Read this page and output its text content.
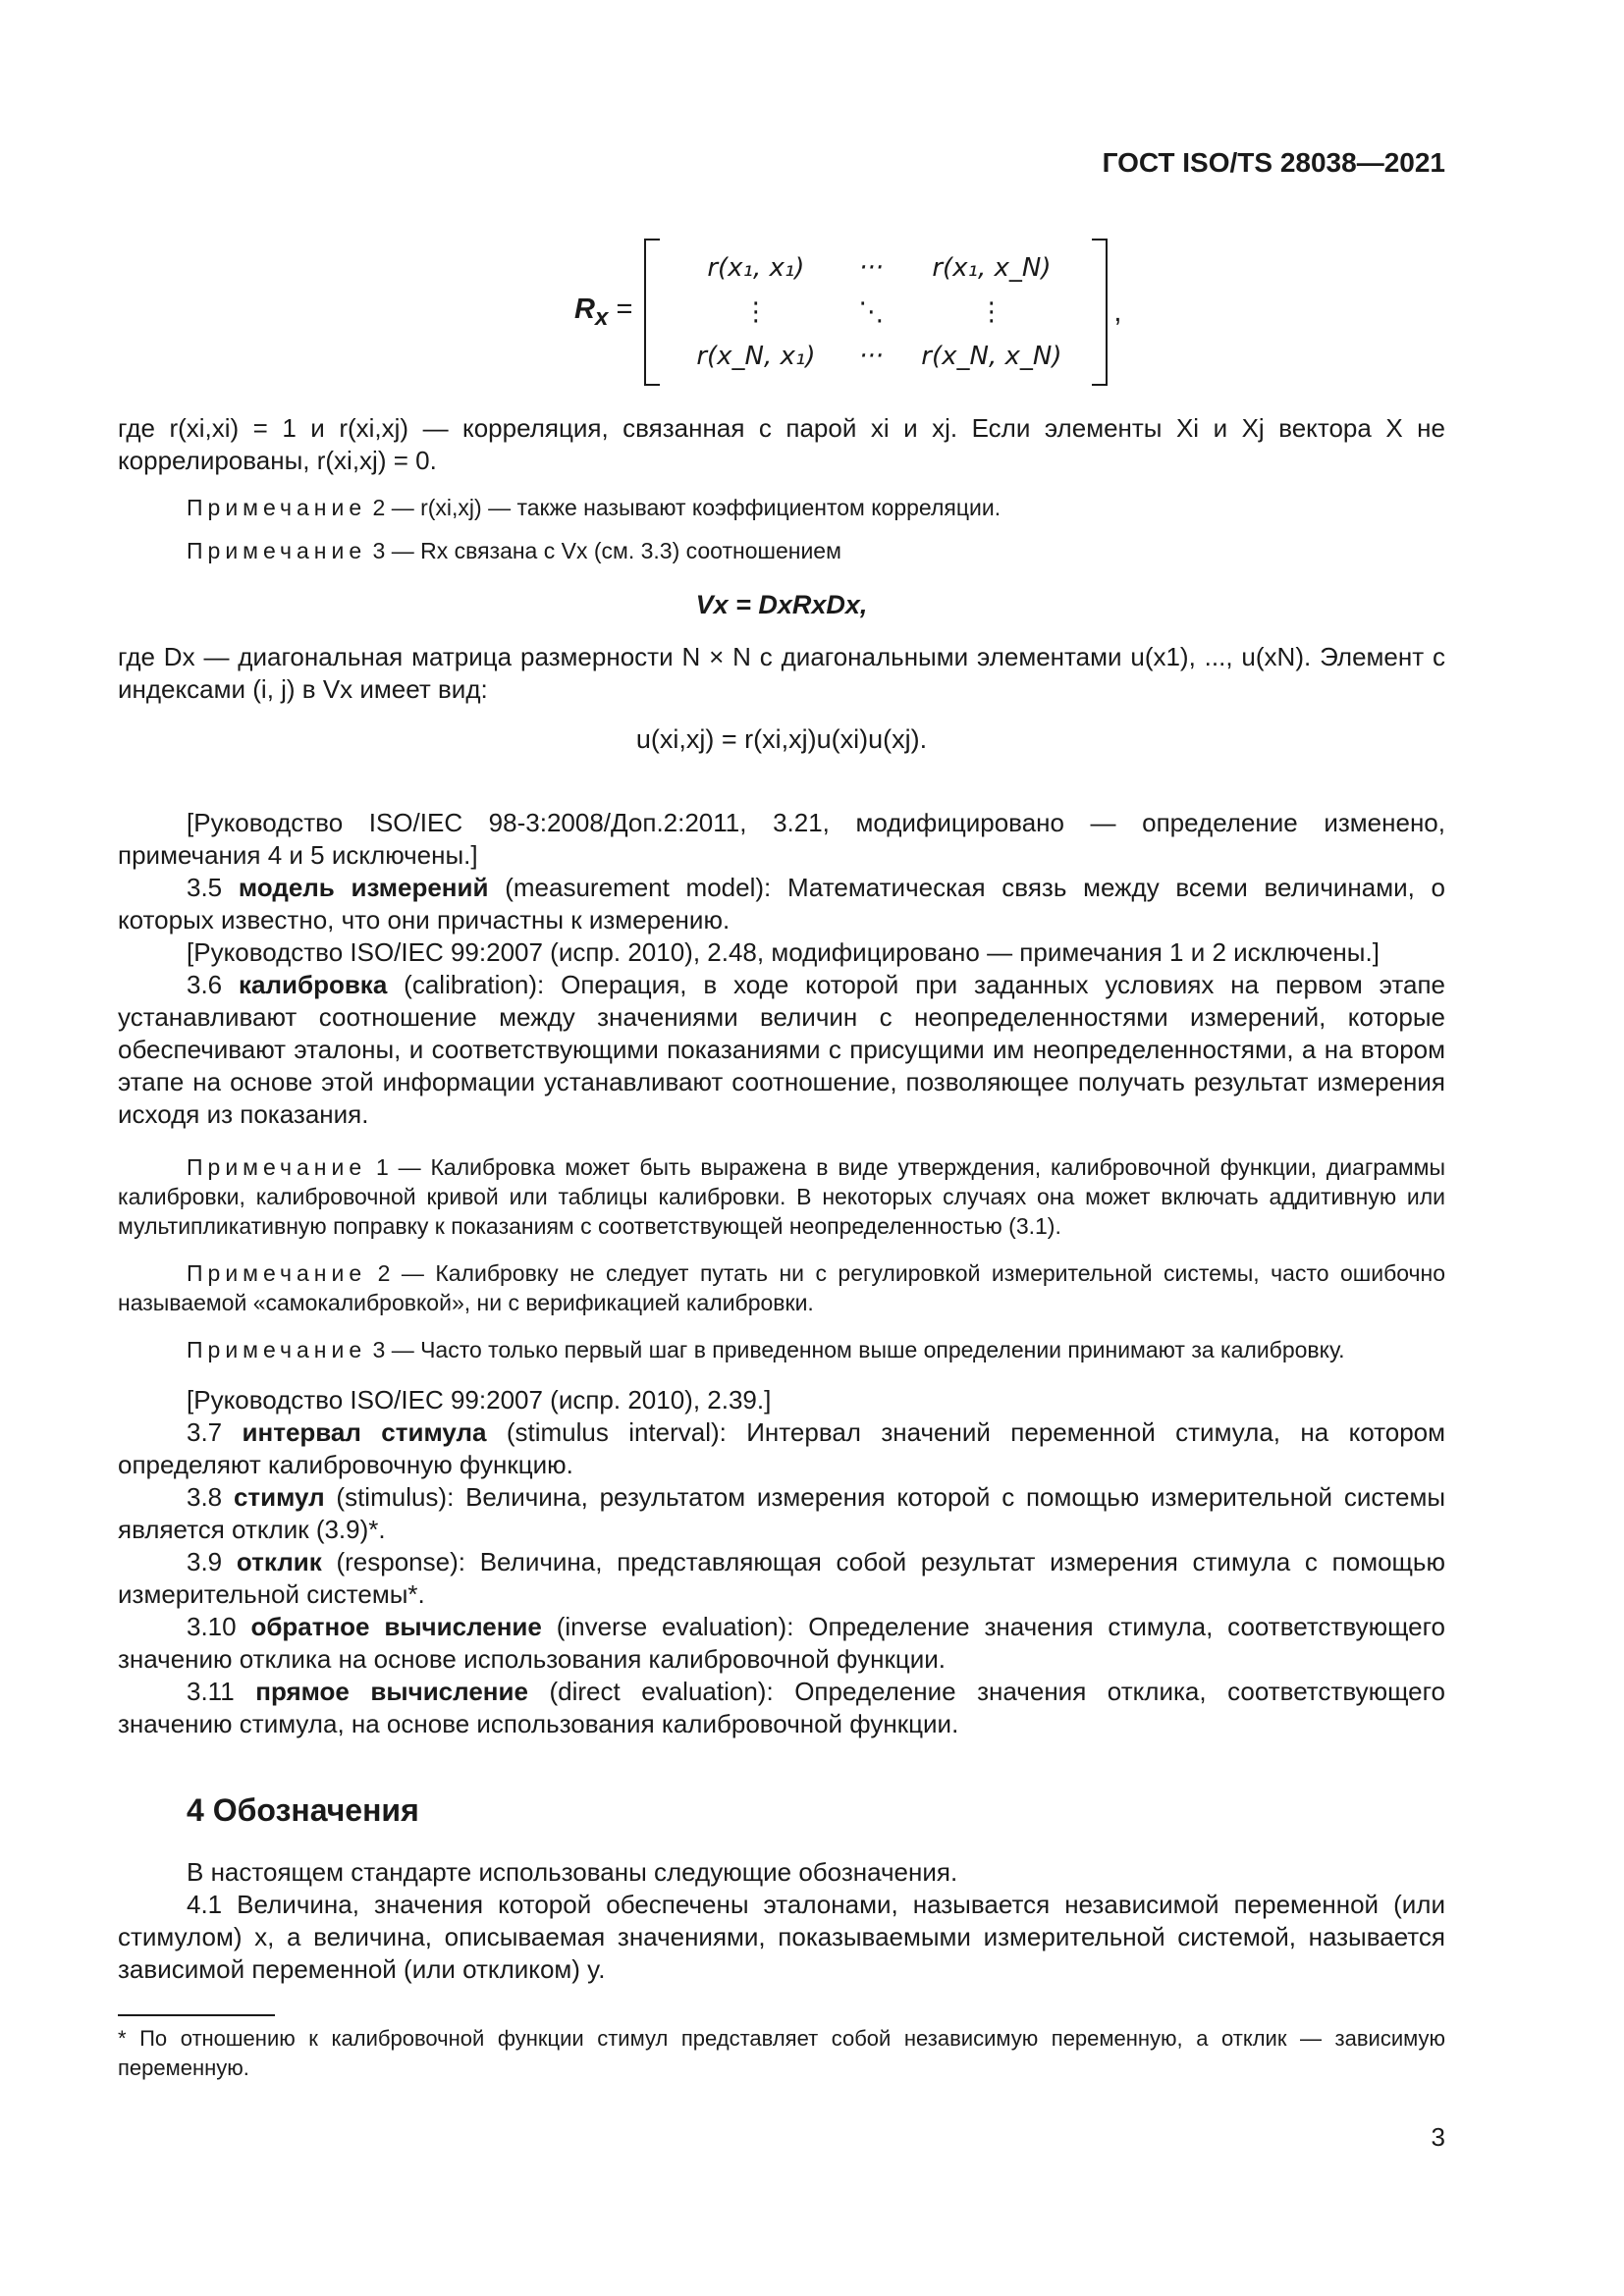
ГОСТ ISO/TS 28038—2021
$R_x$ =
r(x₁, x₁)	···	r(x₁, x_N)
⋮	⋱	⋮
r(x_N, x₁)	···	r(x_N, x_N)
,

где r(xi,xi) = 1 и r(xi,xj) — корреляция, связанная с парой xi и xj. Если элементы Xi и Xj вектора X не коррелированы, r(xi,xj) = 0.

Примечание 2 — r(xi,xj) — также называют коэффициентом корреляции.

Примечание 3 — Rx связана с Vx (см. 3.3) соотношением

Vx = DxRxDx,

где Dx — диагональная матрица размерности N × N с диагональными элементами u(x1), ..., u(xN). Элемент с индексами (i, j) в Vx имеет вид:

u(xi,xj) = r(xi,xj)u(xi)u(xj).

[Руководство ISO/IEC 98-3:2008/Доп.2:2011, 3.21, модифицировано — определение изменено, примечания 4 и 5 исключены.]

3.5 модель измерений (measurement model): Математическая связь между всеми величинами, о которых известно, что они причастны к измерению.

[Руководство ISO/IEC 99:2007 (испр. 2010), 2.48, модифицировано — примечания 1 и 2 исключены.]

3.6 калибровка (calibration): Операция, в ходе которой при заданных условиях на первом этапе устанавливают соотношение между значениями величин с неопределенностями измерений, которые обеспечивают эталоны, и соответствующими показаниями с присущими им неопределенностями, а на втором этапе на основе этой информации устанавливают соотношение, позволяющее получать результат измерения исходя из показания.

Примечание 1 — Калибровка может быть выражена в виде утверждения, калибровочной функции, диаграммы калибровки, калибровочной кривой или таблицы калибровки. В некоторых случаях она может включать аддитивную или мультипликативную поправку к показаниям с соответствующей неопределенностью (3.1).

Примечание 2 — Калибровку не следует путать ни с регулировкой измерительной системы, часто ошибочно называемой «самокалибровкой», ни с верификацией калибровки.

Примечание 3 — Часто только первый шаг в приведенном выше определении принимают за калибровку.

[Руководство ISO/IEC 99:2007 (испр. 2010), 2.39.]

3.7 интервал стимула (stimulus interval): Интервал значений переменной стимула, на котором определяют калибровочную функцию.

3.8 стимул (stimulus): Величина, результатом измерения которой с помощью измерительной системы является отклик (3.9)*.

3.9 отклик (response): Величина, представляющая собой результат измерения стимула с помощью измерительной системы*.

3.10 обратное вычисление (inverse evaluation): Определение значения стимула, соответствующего значению отклика на основе использования калибровочной функции.

3.11 прямое вычисление (direct evaluation): Определение значения отклика, соответствующего значению стимула, на основе использования калибровочной функции.

4 Обозначения

В настоящем стандарте использованы следующие обозначения.

4.1 Величина, значения которой обеспечены эталонами, называется независимой переменной (или стимулом) x, а величина, описываемая значениями, показываемыми измерительной системой, называется зависимой переменной (или откликом) y.

* По отношению к калибровочной функции стимул представляет собой независимую переменную, а отклик — зависимую переменную.
3
